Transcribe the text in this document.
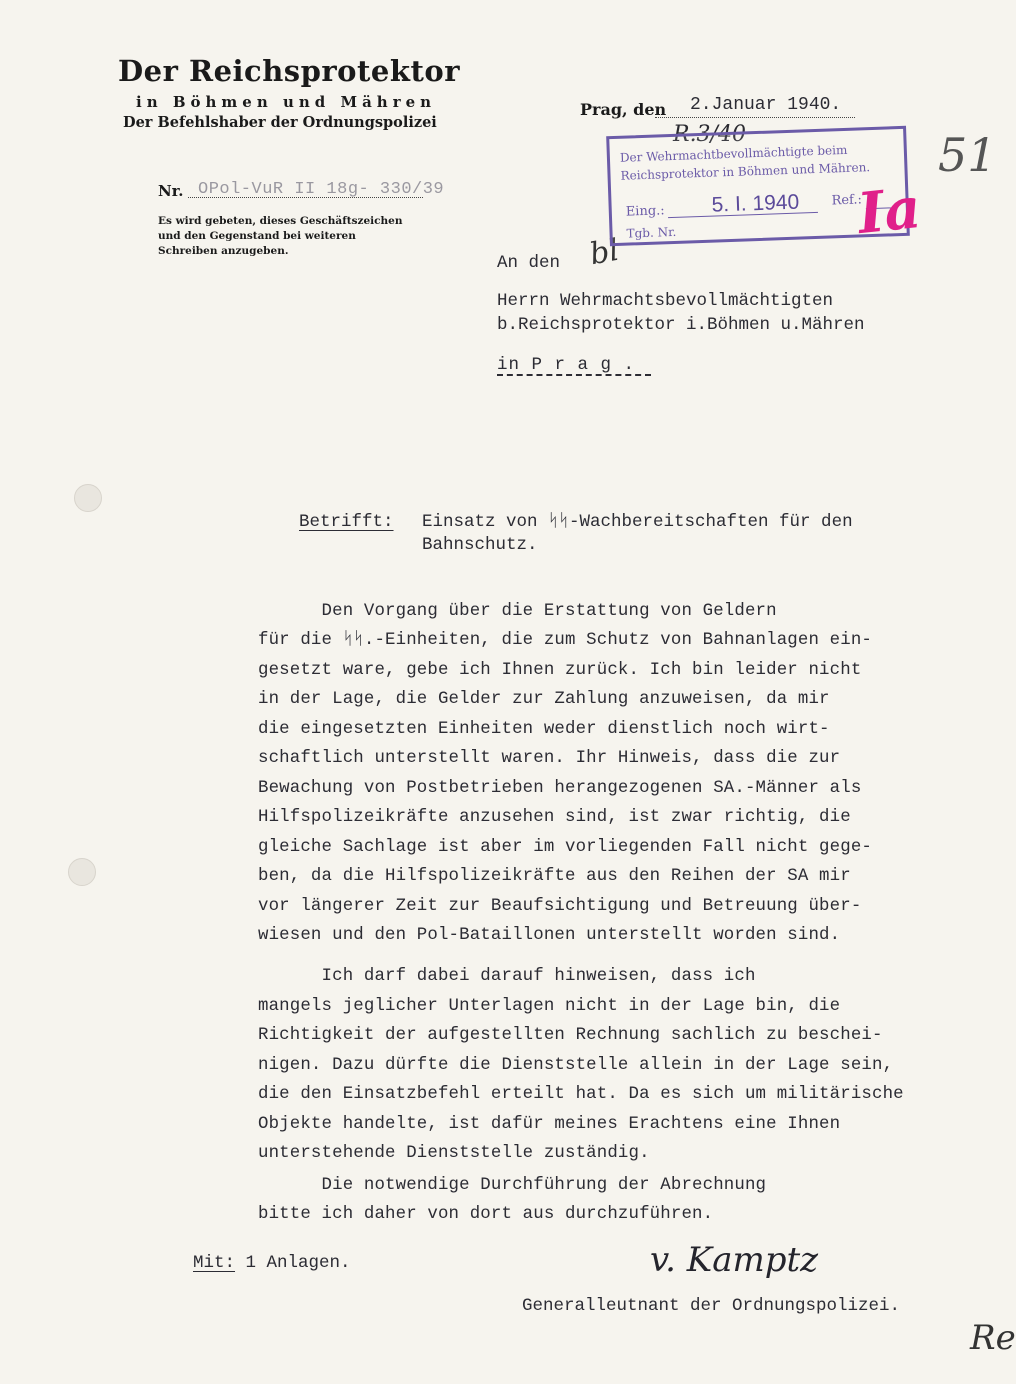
Der Reichsprotektor
in Böhmen und Mähren
Der Befehlshaber der Ordnungspolizei
Nr. OPol-VuR II 18g- 330/39
Es wird gebeten, dieses Geschäftszeichen und den Gegenstand bei weiteren Schreiben anzugeben.
Prag, den 2.Januar 1940.
R.3/40	51
bl
Der Wehrmachtbevollmächtigte beim
Reichsprotektor in Böhmen und Mähren.
Eing.: 5. I. 1940 Ref.:
Tgb. Nr.	Ia
An den
Herrn Wehrmachtsbevollmächtigten
b.Reichsprotektor i.Böhmen u.Mähren
in P r a g .
Betrifft: Einsatz von ᛋᛋ-Wachbereitschaften für den
Bahnschutz.
Den Vorgang über die Erstattung von Geldern
für die ᛋᛋ.-Einheiten, die zum Schutz von Bahnanlagen ein-
gesetzt ware, gebe ich Ihnen zurück. Ich bin leider nicht
in der Lage, die Gelder zur Zahlung anzuweisen, da mir
die eingesetzten Einheiten weder dienstlich noch wirt-
schaftlich unterstellt waren. Ihr Hinweis, dass die zur
Bewachung von Postbetrieben herangezogenen SA.-Männer als
Hilfspolizeikräfte anzusehen sind, ist zwar richtig, die
gleiche Sachlage ist aber im vorliegenden Fall nicht gege-
ben, da die Hilfspolizeikräfte aus den Reihen der SA mir
vor längerer Zeit zur Beaufsichtigung und Betreuung über-
wiesen und den Pol-Bataillonen unterstellt worden sind.
Ich darf dabei darauf hinweisen, dass ich
mangels jeglicher Unterlagen nicht in der Lage bin, die
Richtigkeit der aufgestellten Rechnung sachlich zu beschei-
nigen. Dazu dürfte die Dienststelle allein in der Lage sein,
die den Einsatzbefehl erteilt hat. Da es sich um militärische
Objekte handelte, ist dafür meines Erachtens eine Ihnen
unterstehende Dienststelle zuständig.
Die notwendige Durchführung der Abrechnung
bitte ich daher von dort aus durchzuführen.
Mit: 1 Anlagen.	v. Kamptz
Generalleutnant der Ordnungspolizei.
Re
